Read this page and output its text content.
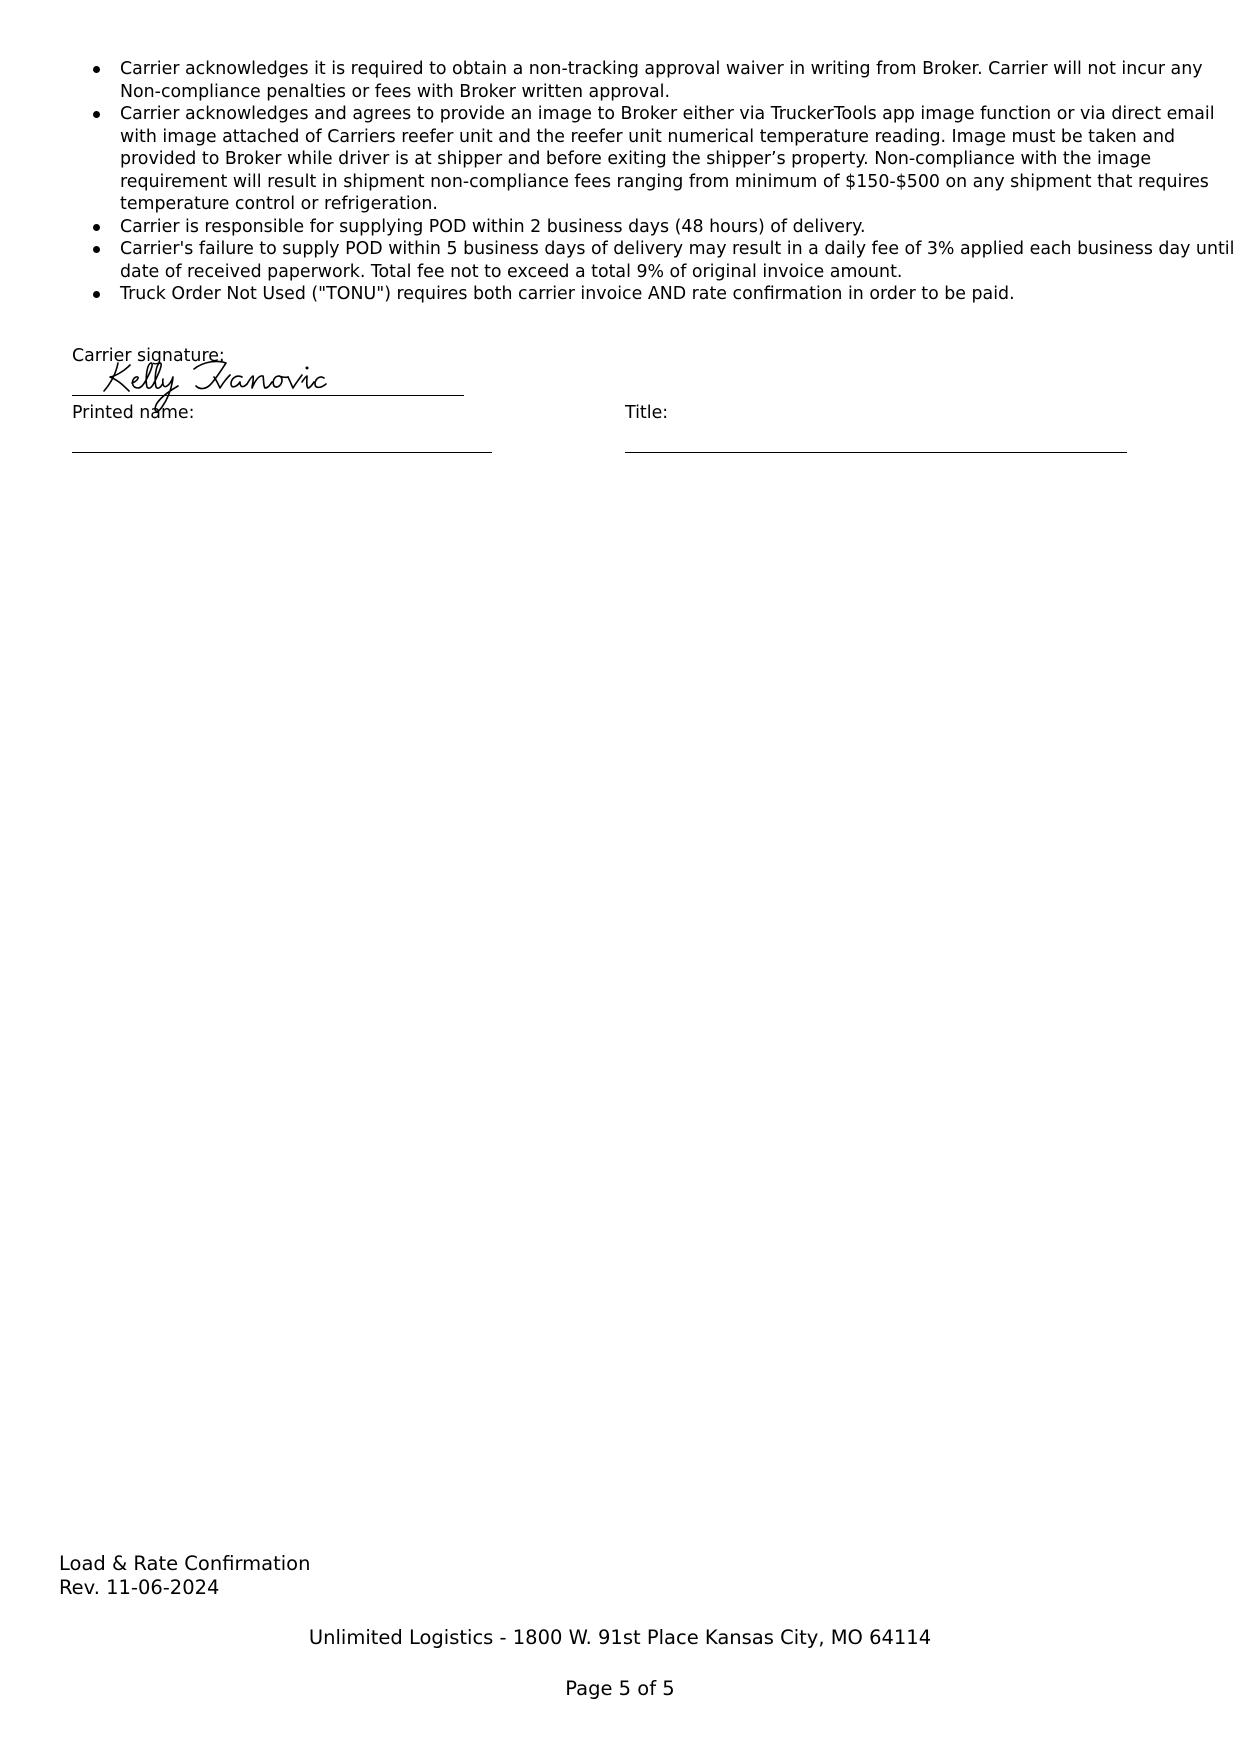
Carrier acknowledges it is required to obtain a non-tracking approval waiver in writing from Broker. Carrier will not incur any Non-compliance penalties or fees with Broker written approval.
Carrier acknowledges and agrees to provide an image to Broker either via TruckerTools app image function or via direct email with image attached of Carriers reefer unit and the reefer unit numerical temperature reading. Image must be taken and provided to Broker while driver is at shipper and before exiting the shipper’s property. Non-compliance with the image requirement will result in shipment non-compliance fees ranging from minimum of $150-$500 on any shipment that requires temperature control or refrigeration.
Carrier is responsible for supplying POD within 2 business days (48 hours) of delivery.
Carrier's failure to supply POD within 5 business days of delivery may result in a daily fee of 3% applied each business day until date of received paperwork. Total fee not to exceed a total 9% of original invoice amount.
Truck Order Not Used ("TONU") requires both carrier invoice AND rate confirmation in order to be paid.
Carrier signature:
Printed name:	Title:
Load & Rate Confirmation
Rev. 11-06-2024
Unlimited Logistics - 1800 W. 91st Place Kansas City, MO 64114
Page 5 of 5
